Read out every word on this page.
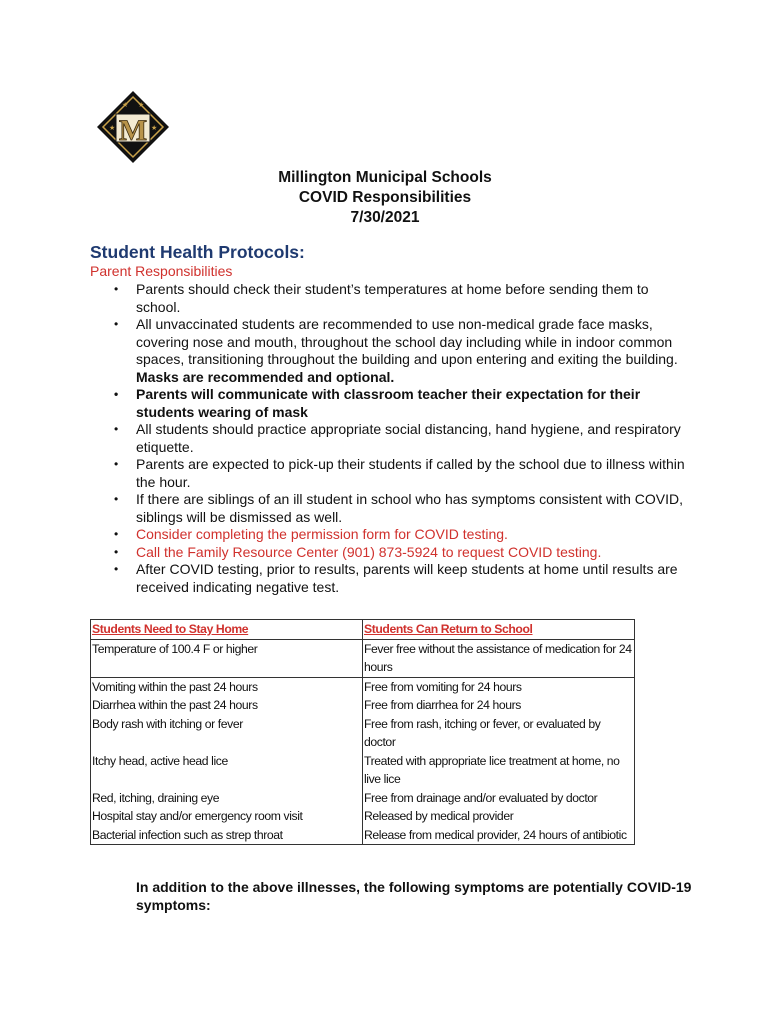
★ ★
★	★
M
Millington Municipal Schools
COVID Responsibilities
7/30/2021
Student Health Protocols:
Parent Responsibilities
• Parents should check their student’s temperatures at home before sending them to school.
• All unvaccinated students are recommended to use non-medical grade face masks, covering nose and mouth, throughout the school day including while in indoor common spaces, transitioning throughout the building and upon entering and exiting the building. Masks are recommended and optional.
• Parents will communicate with classroom teacher their expectation for their students wearing of mask
• All students should practice appropriate social distancing, hand hygiene, and respiratory etiquette.
• Parents are expected to pick-up their students if called by the school due to illness within the hour.
• If there are siblings of an ill student in school who has symptoms consistent with COVID, siblings will be dismissed as well.
• Consider completing the permission form for COVID testing.
• Call the Family Resource Center (901) 873-5924 to request COVID testing.
• After COVID testing, prior to results, parents will keep students at home until results are received indicating negative test.
Students Need to Stay Home	Students Can Return to School
Temperature of 100.4 F or higher	Fever free without the assistance of medication for 24 hours
Vomiting within the past 24 hours	Free from vomiting for 24 hours
Diarrhea within the past 24 hours	Free from diarrhea for 24 hours
Body rash with itching or fever	Free from rash, itching or fever, or evaluated by doctor
Itchy head, active head lice	Treated with appropriate lice treatment at home, no live lice
Red, itching, draining eye	Free from drainage and/or evaluated by doctor
Hospital stay and/or emergency room visit	Released by medical provider
Bacterial infection such as strep throat	Release from medical provider, 24 hours of antibiotic
In addition to the above illnesses, the following symptoms are potentially COVID-19 symptoms:
